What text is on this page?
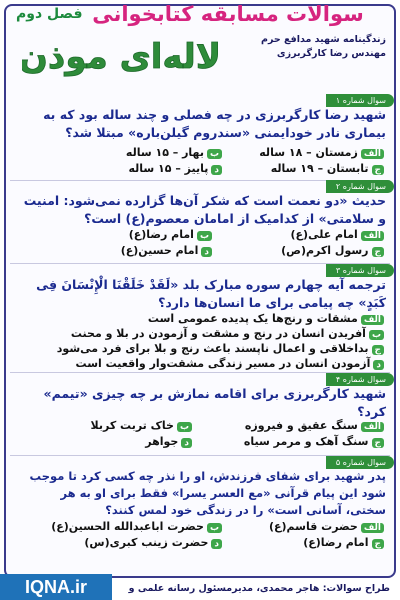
سوالات مسابقه کتابخوانی
فصل دوم
زندگینامه شهید مدافع حرم
مهندس رضا کارگربرزی
لاله‌ای موذن
سوال شماره ۱
شهید رضا کارگربرزی در چه فصلی و چند ساله بود که به بیماری نادر خودایمنی «سندروم گیلن‌باره» مبتلا شد؟
الفزمستان – ۱۸ ساله
ببهار – ۱۵ ساله
جتابستان – ۱۹ ساله
دپاییز – ۱۵ ساله
سوال شماره ۲
حدیث «دو نعمت است که شکر آن‌ها گزارده نمی‌شود: امنیت و سلامتی» از کدامیک از امامان معصوم(ع) است؟
الفامام علی(ع)
بامام رضا(ع)
جرسول اکرم(ص)
دامام حسین(ع)
سوال شماره ۳
ترجمه آیه چهارم سوره مبارک بلد «لَقَدْ خَلَقْنَا الْإِنْسَانَ فِی کَبَدٍ» چه پیامی برای ما انسان‌ها دارد؟
الفمشقات و رنج‌ها یک پدیده عمومی است
بآفریدن انسان در رنج و مشقت و آزمودن در بلا و محنت
جبداخلاقی و اعمال ناپسند باعث رنج و بلا برای فرد می‌شود
دآزمودن انسان در مسیر زندگی مشقت‌وار واقعیت است
سوال شماره ۴
شهید کارگربرزی برای اقامه نمازش بر چه چیزی «تیمم» کرد؟
الفسنگ عقیق و فیروزه
بخاک تربت کربلا
جسنگ آهک و مرمر سیاه
دجواهر
سوال شماره ۵
پدر شهید برای شفای فرزندش، او را نذر چه کسی کرد تا موجب شود این پیام قرآنی «مع العسر یسرا» فقط برای او به هر سختی، آسانی است» را در زندگی خود لمس کنند؟
الفحضرت قاسم(ع)
بحضرت اباعبدالله الحسین(ع)
جامام رضا(ع)
دحضرت زینب کبری(س)
طراح سوالات: هاجر محمدی، مدیرمسئول رسانه علمی و
IQNA.ir
